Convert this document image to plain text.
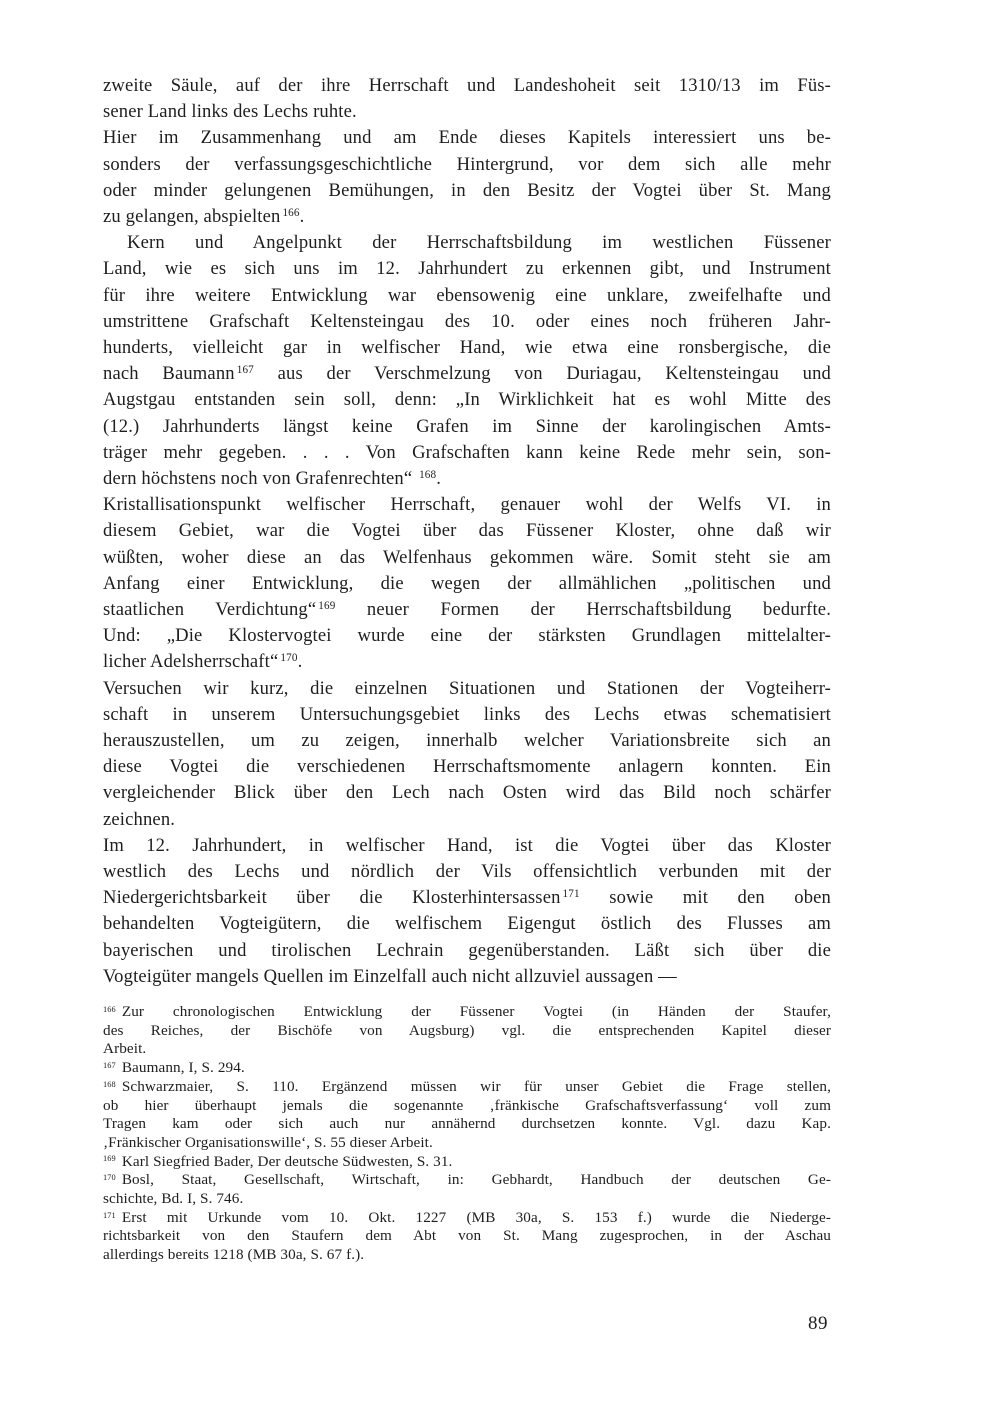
zweite Säule, auf der ihre Herrschaft und Landeshoheit seit 1310/13 im Füs-
sener Land links des Lechs ruhte.
Hier im Zusammenhang und am Ende dieses Kapitels interessiert uns be-
sonders der verfassungsgeschichtliche Hintergrund, vor dem sich alle mehr
oder minder gelungenen Bemühungen, in den Besitz der Vogtei über St. Mang
zu gelangen, abspielten $^{166}$.
Kern und Angelpunkt der Herrschaftsbildung im westlichen Füssener
Land, wie es sich uns im 12. Jahrhundert zu erkennen gibt, und Instrument
für ihre weitere Entwicklung war ebensowenig eine unklare, zweifelhafte und
umstrittene Grafschaft Keltensteingau des 10. oder eines noch früheren Jahr-
hunderts, vielleicht gar in welfischer Hand, wie etwa eine ronsbergische, die
nach Baumann $^{167}$ aus der Verschmelzung von Duriagau, Keltensteingau und
Augstgau entstanden sein soll, denn: „In Wirklichkeit hat es wohl Mitte des
(12.) Jahrhunderts längst keine Grafen im Sinne der karolingischen Amts-
träger mehr gegeben. . . . Von Grafschaften kann keine Rede mehr sein, son-
dern höchstens noch von Grafenrechten“ $^{168}$.
Kristallisationspunkt welfischer Herrschaft, genauer wohl der Welfs VI. in
diesem Gebiet, war die Vogtei über das Füssener Kloster, ohne daß wir
wüßten, woher diese an das Welfenhaus gekommen wäre. Somit steht sie am
Anfang einer Entwicklung, die wegen der allmählichen „politischen und
staatlichen Verdichtung“ $^{169}$ neuer Formen der Herrschaftsbildung bedurfte.
Und: „Die Klostervogtei wurde eine der stärksten Grundlagen mittelalter-
licher Adelsherrschaft“ $^{170}$.
Versuchen wir kurz, die einzelnen Situationen und Stationen der Vogteiherr-
schaft in unserem Untersuchungsgebiet links des Lechs etwas schematisiert
herauszustellen, um zu zeigen, innerhalb welcher Variationsbreite sich an
diese Vogtei die verschiedenen Herrschaftsmomente anlagern konnten. Ein
vergleichender Blick über den Lech nach Osten wird das Bild noch schärfer
zeichnen.
Im 12. Jahrhundert, in welfischer Hand, ist die Vogtei über das Kloster
westlich des Lechs und nördlich der Vils offensichtlich verbunden mit der
Niedergerichtsbarkeit über die Klosterhintersassen $^{171}$ sowie mit den oben
behandelten Vogteigütern, die welfischem Eigengut östlich des Flusses am
bayerischen und tirolischen Lechrain gegenüberstanden. Läßt sich über die
Vogteigüter mangels Quellen im Einzelfall auch nicht allzuviel aussagen —
$^{166}$ Zur chronologischen Entwicklung der Füssener Vogtei (in Händen der Staufer,
des Reiches, der Bischöfe von Augsburg) vgl. die entsprechenden Kapitel dieser
Arbeit.
$^{167}$ Baumann, I, S. 294.
$^{168}$ Schwarzmaier, S. 110. Ergänzend müssen wir für unser Gebiet die Frage stellen,
ob hier überhaupt jemals die sogenannte ‚fränkische Grafschaftsverfassung‘ voll zum
Tragen kam oder sich auch nur annähernd durchsetzen konnte. Vgl. dazu Kap.
‚Fränkischer Organisationswille‘, S. 55 dieser Arbeit.
$^{169}$ Karl Siegfried Bader, Der deutsche Südwesten, S. 31.
$^{170}$ Bosl, Staat, Gesellschaft, Wirtschaft, in: Gebhardt, Handbuch der deutschen Ge-
schichte, Bd. I, S. 746.
$^{171}$ Erst mit Urkunde vom 10. Okt. 1227 (MB 30a, S. 153 f.) wurde die Niederge-
richtsbarkeit von den Staufern dem Abt von St. Mang zugesprochen, in der Aschau
allerdings bereits 1218 (MB 30a, S. 67 f.).
89
